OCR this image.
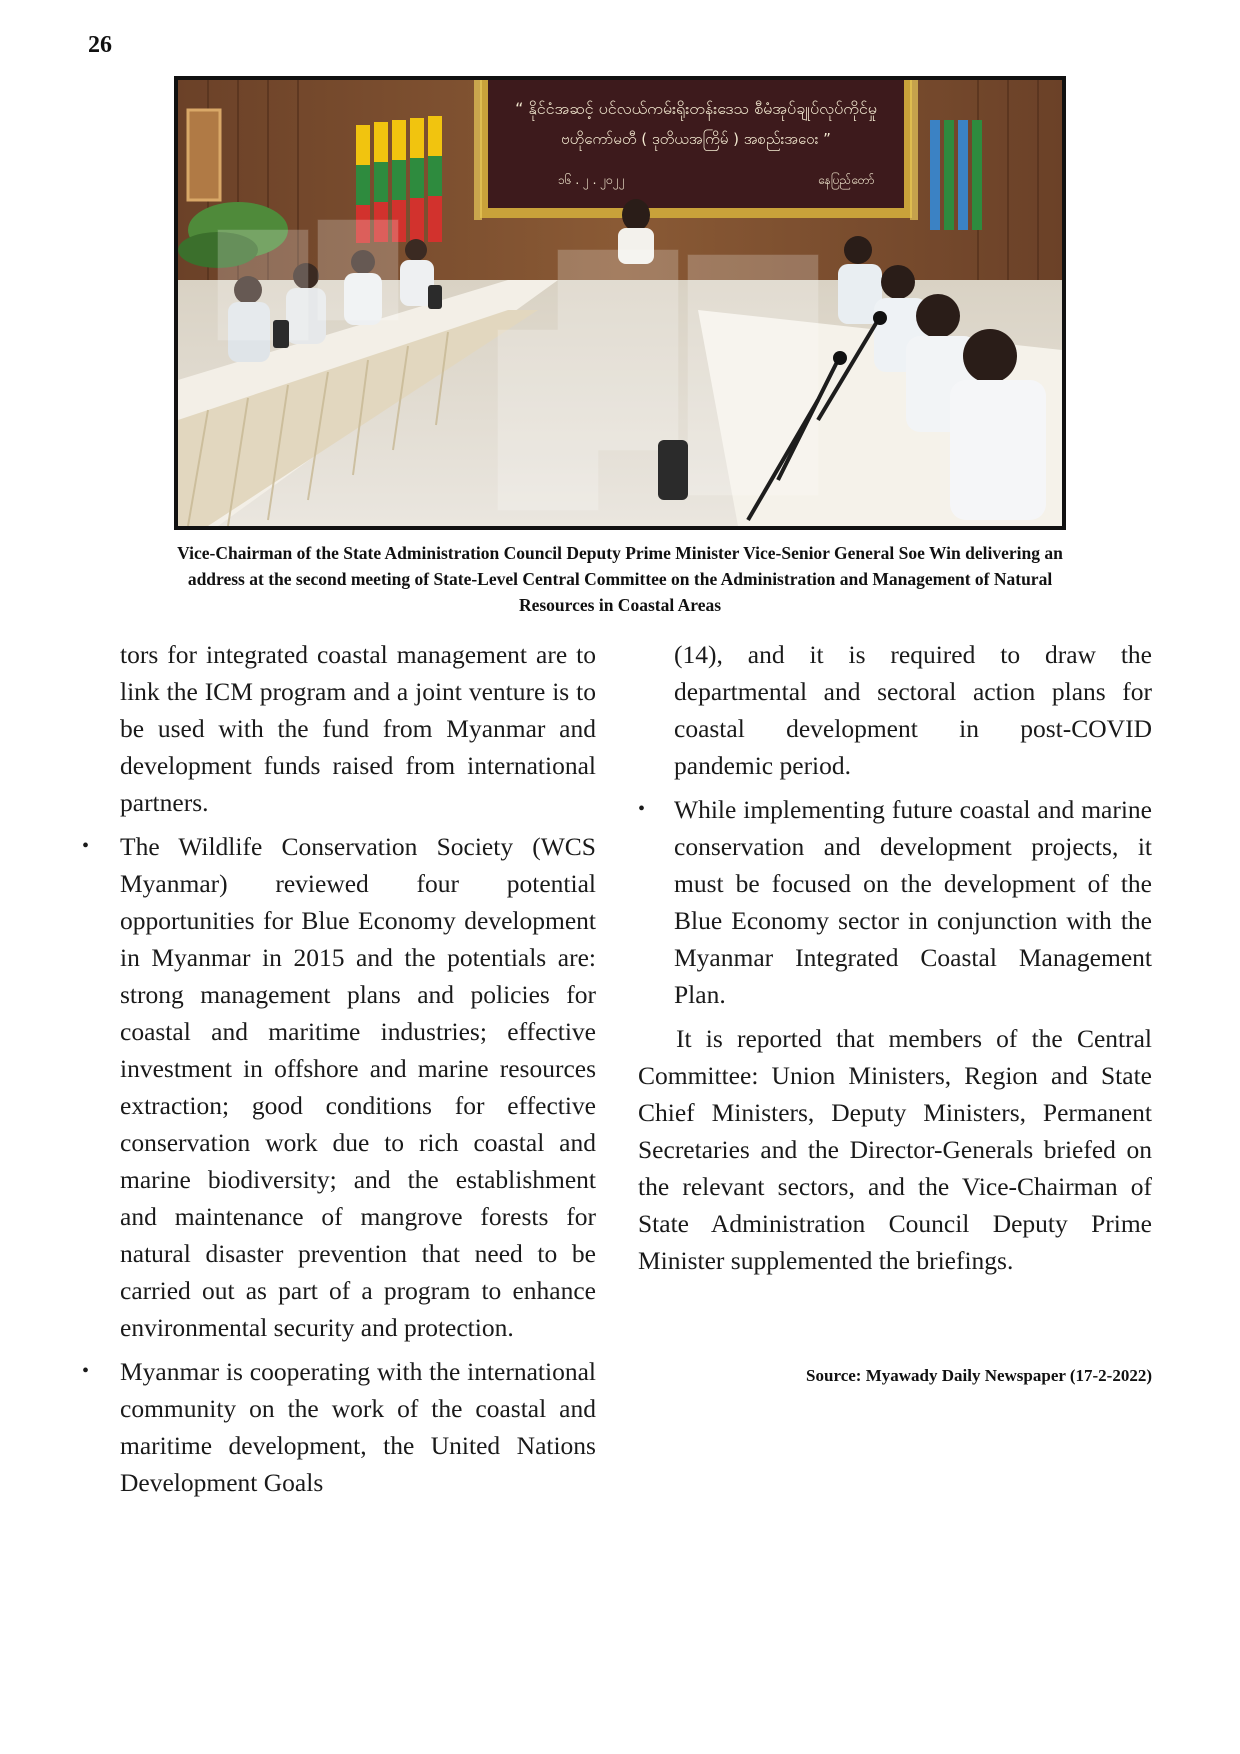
26
“ နိုင်ငံအဆင့် ပင်လယ်ကမ်းရိုးတန်းဒေသ စီမံအုပ်ချုပ်လုပ်ကိုင်မှု
ဗဟိုကော်မတီ ( ဒုတိယအကြိမ် ) အစည်းအဝေး ”
၁၆ . ၂ . ၂၀၂၂	နေပြည်တော်
Vice-Chairman of the State Administration Council Deputy Prime Minister Vice-Senior General Soe Win delivering an address at the second meeting of State-Level Central Committee on the Administration and Management of Natural Resources in Coastal Areas

tors for integrated coastal management are to link the ICM program and a joint venture is to be used with the fund from Myanmar and development funds raised from international partners.

•	The Wildlife Conservation Society (WCS Myanmar) reviewed four potential opportunities for Blue Economy development in Myanmar in 2015 and the potentials are: strong management plans and policies for coastal and maritime industries; effective investment in offshore and marine resources extraction; good conditions for effective conservation work due to rich coastal and marine biodiversity; and the establishment and maintenance of mangrove forests for natural disaster prevention that need to be carried out as part of a program to enhance environmental security and protection.

•	Myanmar is cooperating with the international community on the work of the coastal and maritime development, the United Nations Development Goals

(14), and it is required to draw the departmental and sectoral action plans for coastal development in post-COVID pandemic period.

•	While implementing future coastal and marine conservation and development projects, it must be focused on the development of the Blue Economy sector in conjunction with the Myanmar Integrated Coastal Management Plan.

It is reported that members of the Central Committee: Union Ministers, Region and State Chief Ministers, Deputy Ministers, Permanent Secretaries and the Director-Generals briefed on the relevant sectors, and the Vice-Chairman of State Administration Council Deputy Prime Minister supplemented the briefings.

Source: Myawady Daily Newspaper (17-2-2022)
